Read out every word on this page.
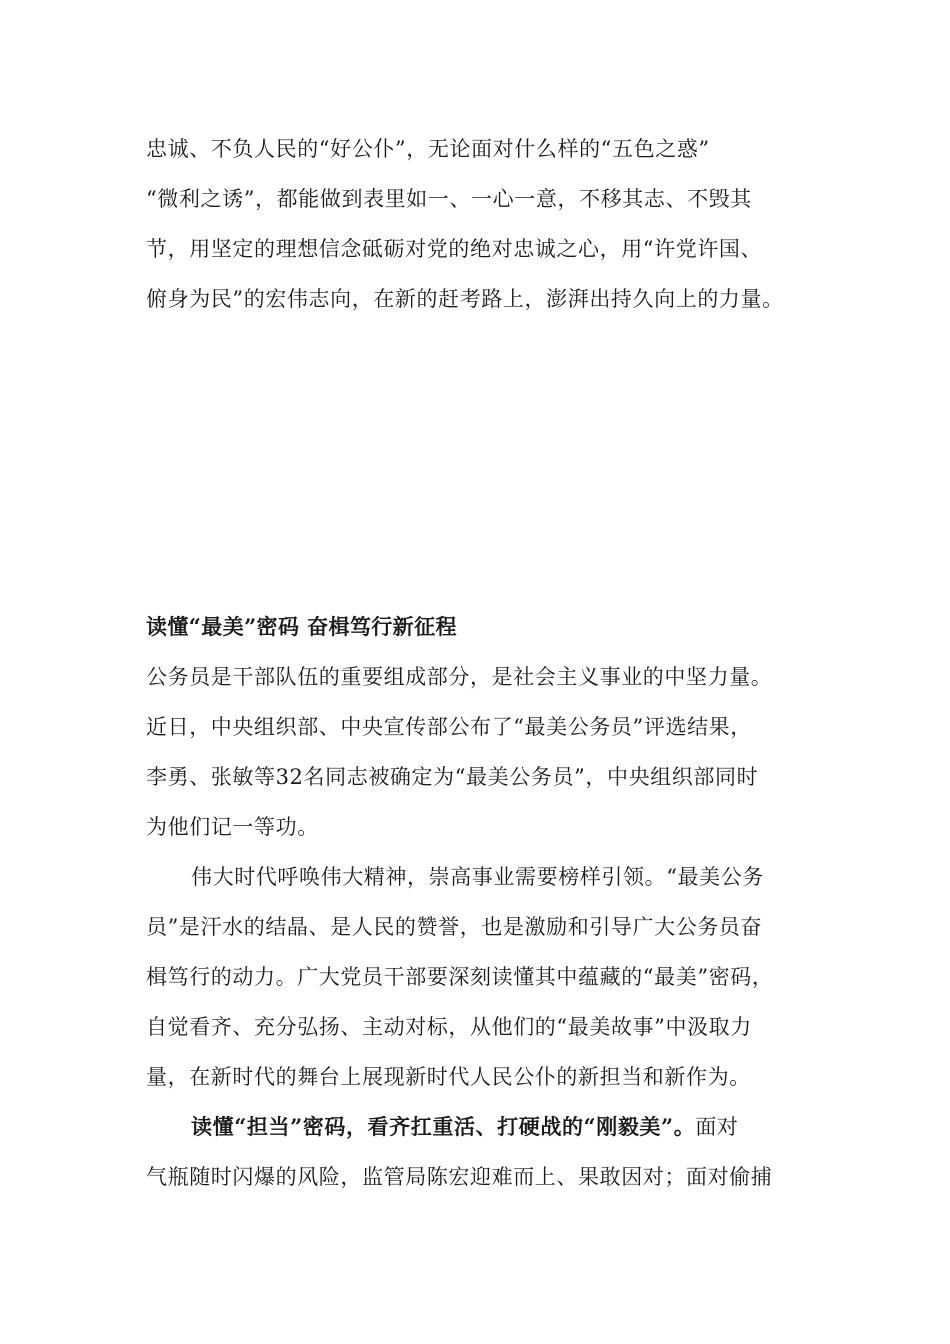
忠诚、不负人民的“好公仆”，无论面对什么样的“五色之惑”
“微利之诱”，都能做到表里如一、一心一意，不移其志、不毁其
节，用坚定的理想信念砥砺对党的绝对忠诚之心，用“许党许国、
俯身为民”的宏伟志向，在新的赶考路上，澎湃出持久向上的力量。
读懂“最美”密码 奋楫笃行新征程
公务员是干部队伍的重要组成部分，是社会主义事业的中坚力量。
近日，中央组织部、中央宣传部公布了“最美公务员”评选结果，
李勇、张敏等32名同志被确定为“最美公务员”，中央组织部同时
为他们记一等功。
伟大时代呼唤伟大精神，崇高事业需要榜样引领。“最美公务
员”是汗水的结晶、是人民的赞誉，也是激励和引导广大公务员奋
楫笃行的动力。广大党员干部要深刻读懂其中蕴藏的“最美”密码，
自觉看齐、充分弘扬、主动对标，从他们的“最美故事”中汲取力
量，在新时代的舞台上展现新时代人民公仆的新担当和新作为。
读懂“担当”密码，看齐扛重活、打硬战的“刚毅美”。面对
气瓶随时闪爆的风险，监管局陈宏迎难而上、果敢因对；面对偷捕
